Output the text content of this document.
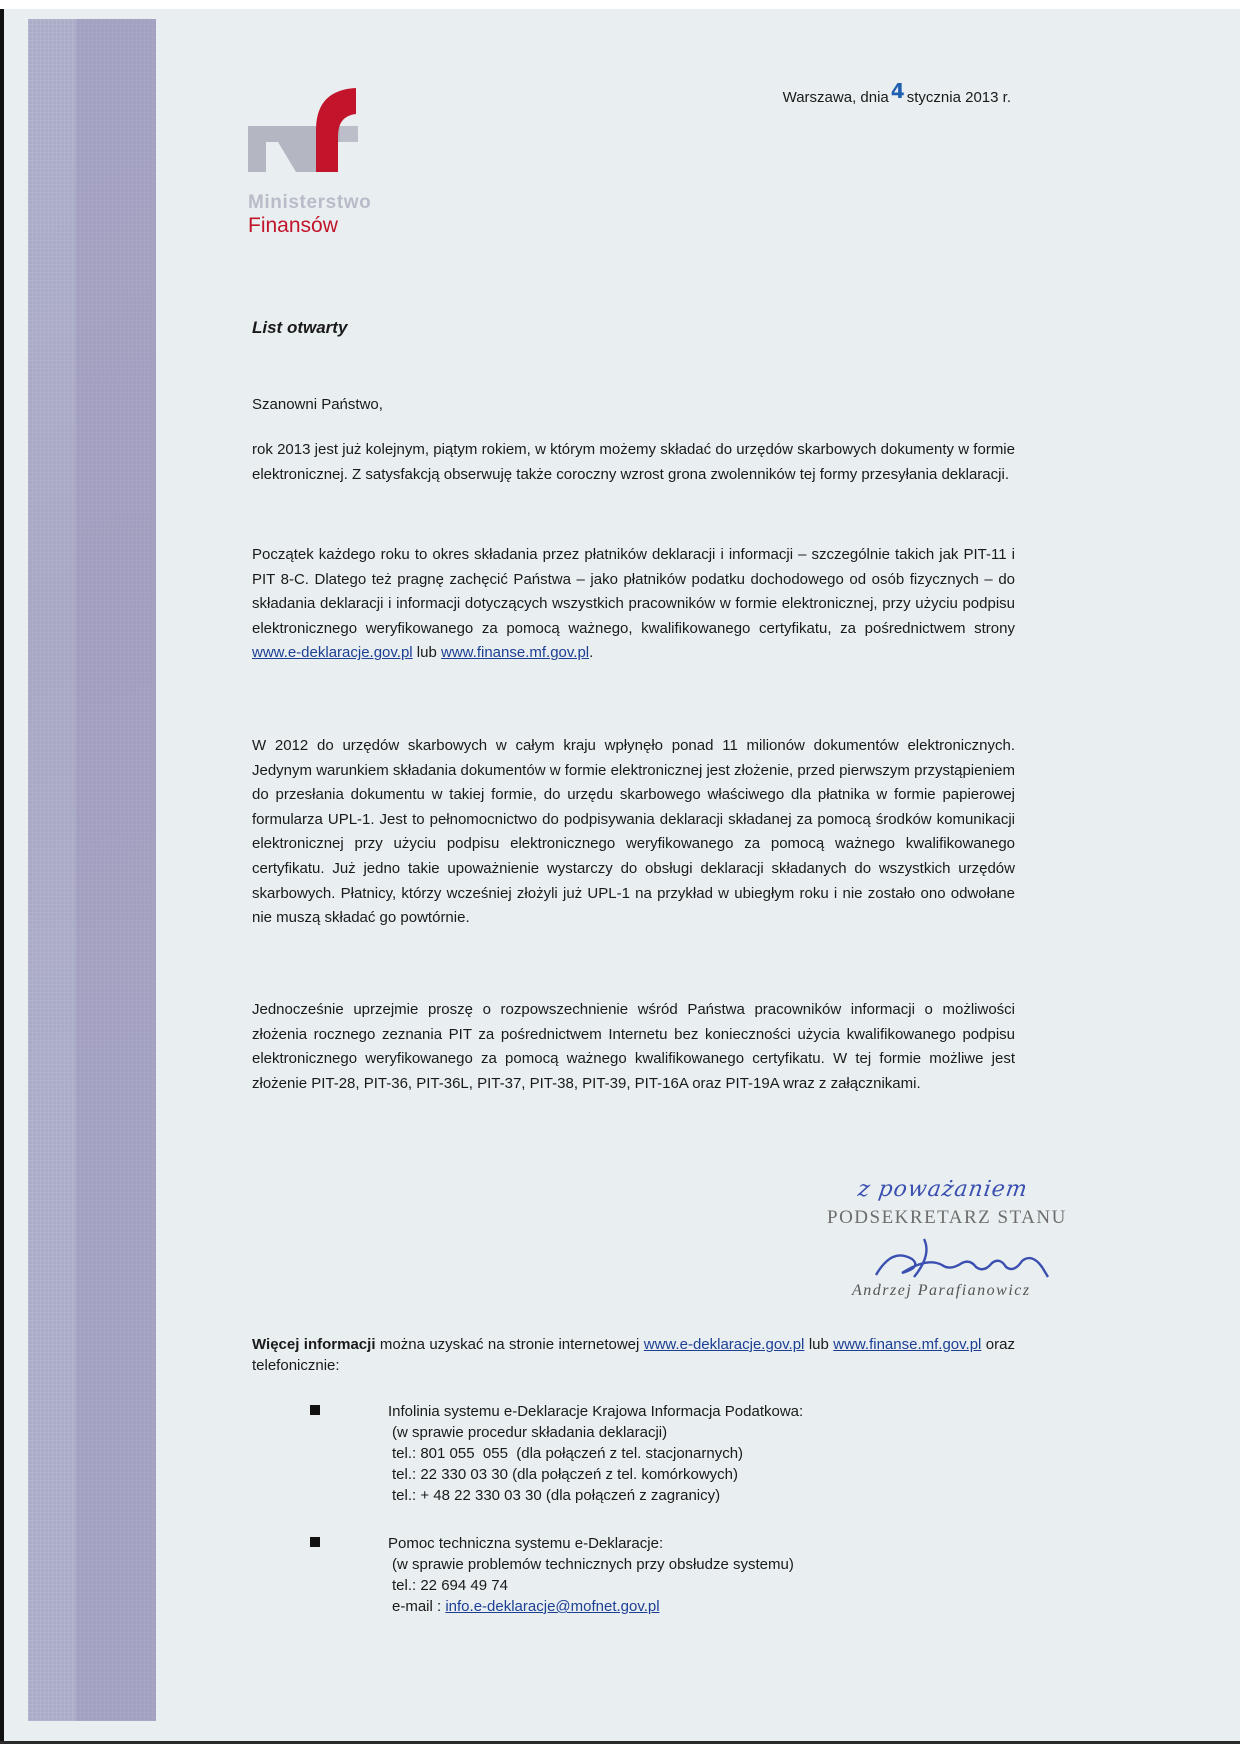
Ministerstwo
Finansów
Warszawa, dnia 4 stycznia 2013 r.
List otwarty
Szanowni Państwo,

rok 2013 jest już kolejnym, piątym rokiem, w którym możemy składać do urzędów skarbowych dokumenty w formie elektronicznej. Z satysfakcją obserwuję także coroczny wzrost grona zwolenników tej formy przesyłania deklaracji.

Początek każdego roku to okres składania przez płatników deklaracji i informacji – szczególnie takich jak PIT-11 i PIT 8-C. Dlatego też pragnę zachęcić Państwa – jako płatników podatku dochodowego od osób fizycznych – do składania deklaracji i informacji dotyczących wszystkich pracowników w formie elektronicznej, przy użyciu podpisu elektronicznego weryfikowanego za pomocą ważnego, kwalifikowanego certyfikatu, za pośrednictwem strony www.e-deklaracje.gov.pl lub www.finanse.mf.gov.pl.

W 2012 do urzędów skarbowych w całym kraju wpłynęło ponad 11 milionów dokumentów elektronicznych. Jedynym warunkiem składania dokumentów w formie elektronicznej jest złożenie, przed pierwszym przystąpieniem do przesłania dokumentu w takiej formie, do urzędu skarbowego właściwego dla płatnika w formie papierowej formularza UPL-1. Jest to pełnomocnictwo do podpisywania deklaracji składanej za pomocą środków komunikacji elektronicznej przy użyciu podpisu elektronicznego weryfikowanego za pomocą ważnego kwalifikowanego certyfikatu. Już jedno takie upoważnienie wystarczy do obsługi deklaracji składanych do wszystkich urzędów skarbowych. Płatnicy, którzy wcześniej złożyli już UPL-1 na przykład w ubiegłym roku i nie zostało ono odwołane nie muszą składać go powtórnie.

Jednocześnie uprzejmie proszę o rozpowszechnienie wśród Państwa pracowników informacji o możliwości złożenia rocznego zeznania PIT za pośrednictwem Internetu bez konieczności użycia kwalifikowanego podpisu elektronicznego weryfikowanego za pomocą ważnego kwalifikowanego certyfikatu. W tej formie możliwe jest złożenie PIT-28, PIT-36, PIT-36L, PIT-37, PIT-38, PIT-39, PIT-16A oraz PIT-19A wraz z załącznikami.

z poważaniem
PODSEKRETARZ STANU
Andrzej Parafianowicz

Więcej informacji można uzyskać na stronie internetowej www.e-deklaracje.gov.pl lub www.finanse.mf.gov.pl oraz telefonicznie:

Infolinia systemu e-Deklaracje Krajowa Informacja Podatkowa:
(w sprawie procedur składania deklaracji)
tel.: 801 055  055  (dla połączeń z tel. stacjonarnych)
tel.: 22 330 03 30 (dla połączeń z tel. komórkowych)
tel.: + 48 22 330 03 30 (dla połączeń z zagranicy)
Pomoc techniczna systemu e-Deklaracje:
(w sprawie problemów technicznych przy obsłudze systemu)
tel.: 22 694 49 74
e-mail : info.e-deklaracje@mofnet.gov.pl
